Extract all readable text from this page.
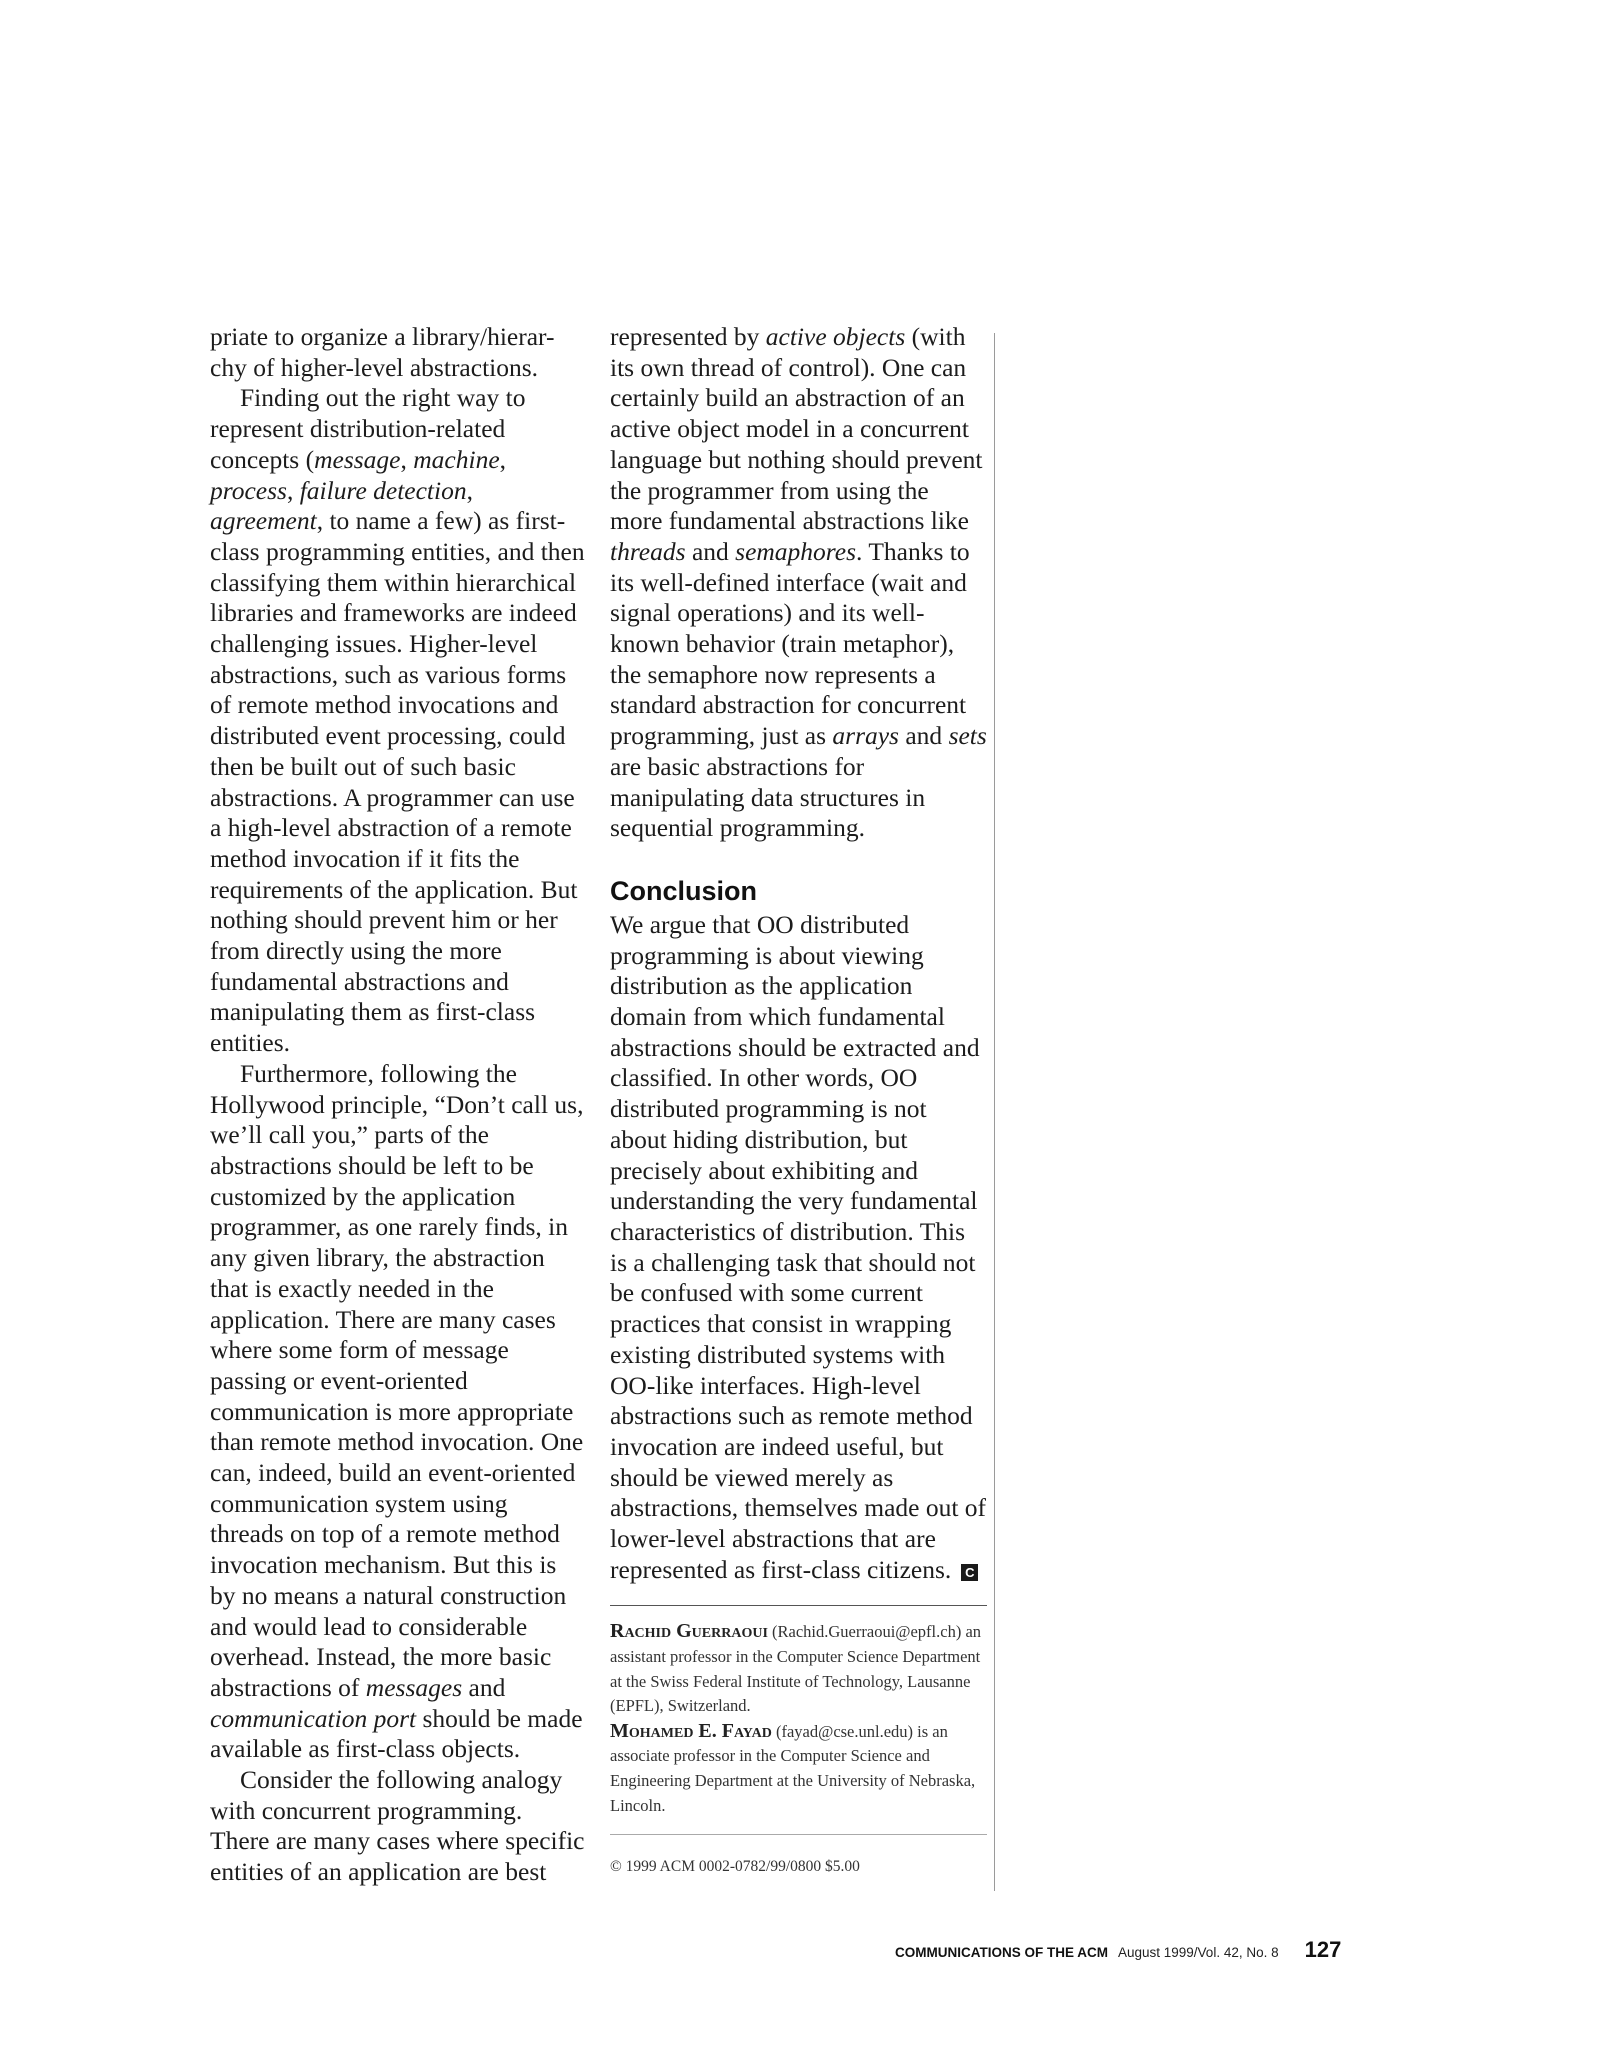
priate to organize a library/hierar-
chy of higher-level abstractions.

Finding out the right way to represent distribution-related concepts (message, machine, process, failure detection, agreement, to name a few) as first-class programming entities, and then classifying them within hierarchical libraries and frameworks are indeed challenging issues. Higher-level abstractions, such as various forms of remote method invocations and distributed event processing, could then be built out of such basic abstractions. A programmer can use a high-level abstraction of a remote method invocation if it fits the requirements of the application. But nothing should prevent him or her from directly using the more fundamental abstractions and manipulating them as first-class entities.

Furthermore, following the Hollywood principle, “Don’t call us, we’ll call you,” parts of the abstractions should be left to be customized by the application programmer, as one rarely finds, in any given library, the abstraction that is exactly needed in the application. There are many cases where some form of message passing or event-oriented communication is more appropriate than remote method invocation. One can, indeed, build an event-oriented communication system using threads on top of a remote method invocation mechanism. But this is by no means a natural construction and would lead to considerable overhead. Instead, the more basic abstractions of messages and communication port should be made available as first-class objects.

Consider the following analogy with concurrent programming. There are many cases where specific entities of an application are best

represented by active objects (with its own thread of control). One can certainly build an abstraction of an active object model in a concurrent language but nothing should prevent the programmer from using the more fundamental abstractions like threads and semaphores. Thanks to its well-defined interface (wait and signal operations) and its well-known behavior (train metaphor), the semaphore now represents a standard abstraction for concurrent programming, just as arrays and sets are basic abstractions for manipulating data structures in sequential programming.

Conclusion

We argue that OO distributed programming is about viewing distribution as the application domain from which fundamental abstractions should be extracted and classified. In other words, OO distributed programming is not about hiding distribution, but precisely about exhibiting and understanding the very fundamental characteristics of distribution. This is a challenging task that should not be confused with some current practices that consist in wrapping existing distributed systems with OO-like interfaces. High-level abstractions such as remote method invocation are indeed useful, but should be viewed merely as abstractions, themselves made out of lower-level abstractions that are represented as first-class citizens. C

Rachid Guerraoui (Rachid.Guerraoui@epfl.ch) an assistant professor in the Computer Science Department at the Swiss Federal Institute of Technology, Lausanne (EPFL), Switzerland.

Mohamed E. Fayad (fayad@cse.unl.edu) is an associate professor in the Computer Science and Engineering Department at the University of Nebraska, Lincoln.

© 1999 ACM 0002-0782/99/0800 $5.00
COMMUNICATIONS OF THE ACM August 1999/Vol. 42, No. 8 127
